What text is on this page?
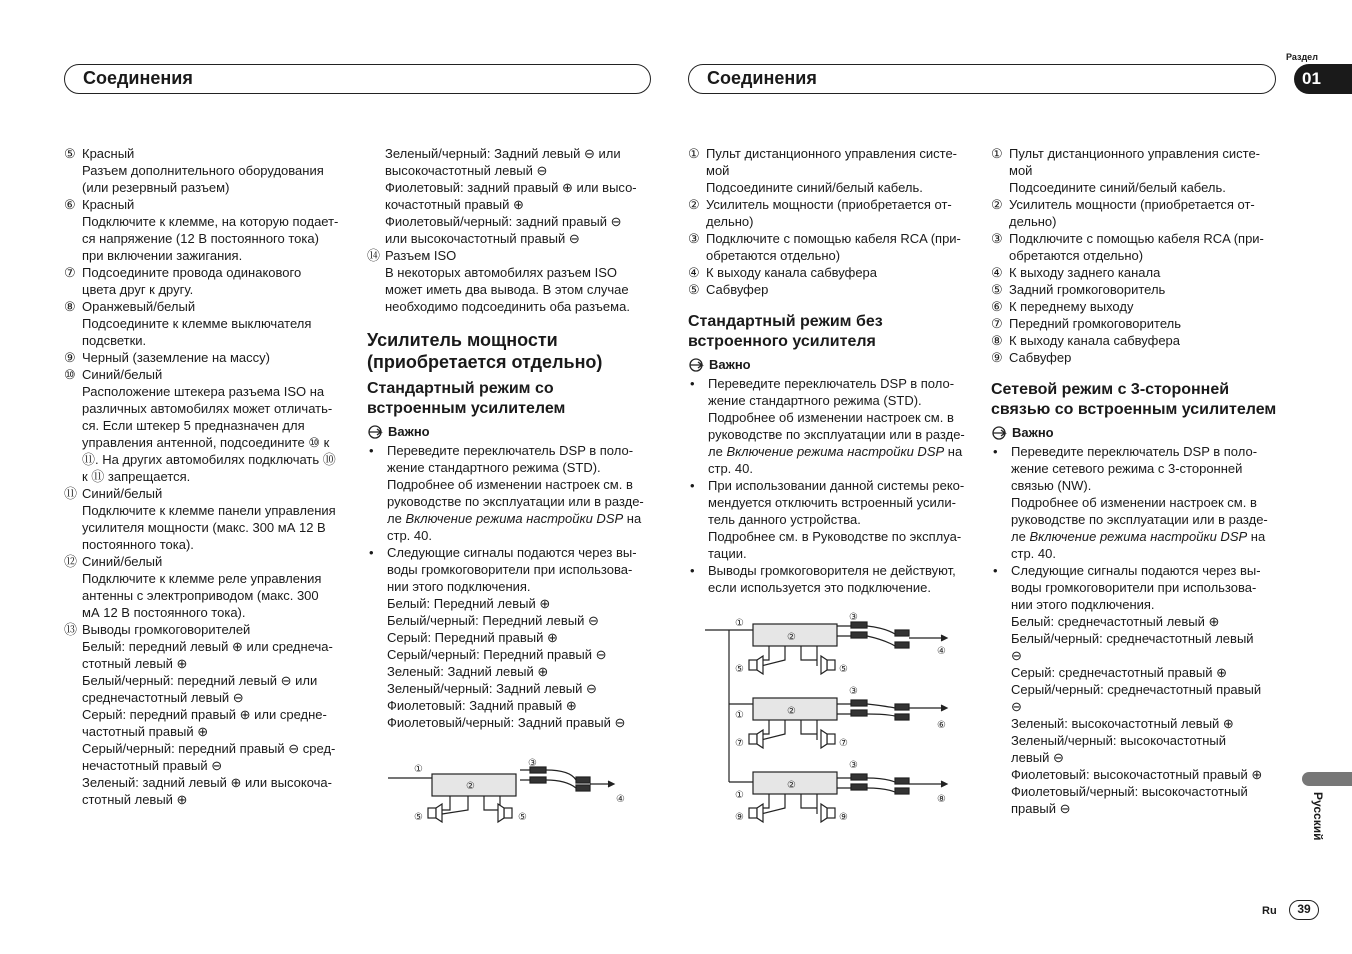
Соединения	Соединения
Раздел
01
⑤ Красный

Разъем дополнительного оборудования

(или резервный разъем)

⑥ Красный

Подключите к клемме, на которую подает-

ся напряжение (12 В постоянного тока)

при включении зажигания.

⑦ Подсоедините провода одинакового

цвета друг к другу.

⑧ Оранжевый/белый

Подсоедините к клемме выключателя

подсветки.

⑨ Черный (заземление на массу)

⑩ Синий/белый

Расположение штекера разъема ISO на

различных автомобилях может отличать-

ся. Если штекер 5 предназначен для

управления антенной, подсоедините ⑩ к

⑪. На других автомобилях подключать ⑩

к ⑪ запрещается.

⑪ Синий/белый

Подключите к клемме панели управления

усилителя мощности (макс. 300 мА 12 В

постоянного тока).

⑫ Синий/белый

Подключите к клемме реле управления

антенны с электроприводом (макс. 300

мА 12 В постоянного тока).

⑬ Выводы громкоговорителей

Белый: передний левый ⊕ или среднеча-

стотный левый ⊕

Белый/черный: передний левый ⊖ или

среднечастотный левый ⊖

Серый: передний правый ⊕ или средне-

частотный правый ⊕

Серый/черный: передний правый ⊖ сред-

нечастотный правый ⊖

Зеленый: задний левый ⊕ или высокоча-

стотный левый ⊕

Зеленый/черный: Задний левый ⊖ или

высокочастотный левый ⊖

Фиолетовый: задний правый ⊕ или высо-

кочастотный правый ⊕

Фиолетовый/черный: задний правый ⊖

или высокочастотный правый ⊖

⑭ Разъем ISO

В некоторых автомобилях разъем ISO

может иметь два вывода. В этом случае

необходимо подсоединить оба разъема.

Усилитель мощности
(приобретается отдельно)
Стандартный режим со
встроенным усилителем
Важно

• Переведите переключатель DSP в поло-

жение стандартного режима (STD).

Подробнее об изменении настроек см. в

руководстве по эксплуатации или в разде-

ле Включение режима настройки DSP на

стр. 40.

• Следующие сигналы подаются через вы-

воды громкоговорители при использова-

нии этого подключения.

Белый: Передний левый ⊕

Белый/черный: Передний левый ⊖

Серый: Передний правый ⊕

Серый/черный: Передний правый ⊖

Зеленый: Задний левый ⊕

Зеленый/черный: Задний левый ⊖

Фиолетовый: Задний правый ⊕

Фиолетовый/черный: Задний правый ⊖

① Пульт дистанционного управления систе-

мой

Подсоедините синий/белый кабель.

② Усилитель мощности (приобретается от-

дельно)

③ Подключите с помощью кабеля RCA (при-

обретаются отдельно)

④ К выходу канала сабвуфера

⑤ Сабвуфер

Стандартный режим без
встроенного усилителя
Важно

• Переведите переключатель DSP в поло-

жение стандартного режима (STD).

Подробнее об изменении настроек см. в

руководстве по эксплуатации или в разде-

ле Включение режима настройки DSP на

стр. 40.

• При использовании данной системы реко-

мендуется отключить встроенный усили-

тель данного устройства.

Подробнее см. в Руководстве по эксплуа-

тации.

• Выводы громкоговорителя не действуют,

если используется это подключение.

① Пульт дистанционного управления систе-

мой

Подсоедините синий/белый кабель.

② Усилитель мощности (приобретается от-

дельно)

③ Подключите с помощью кабеля RCA (при-

обретаются отдельно)

④ К выходу заднего канала

⑤ Задний громкоговоритель

⑥ К переднему выходу

⑦ Передний громкоговоритель

⑧ К выходу канала сабвуфера

⑨ Сабвуфер

Сетевой режим с 3-сторонней
связью со встроенным усилителем
Важно

• Переведите переключатель DSP в поло-

жение сетевого режима с 3-сторонней

связью (NW).

Подробнее об изменении настроек см. в

руководстве по эксплуатации или в разде-

ле Включение режима настройки DSP на

стр. 40.

• Следующие сигналы подаются через вы-

воды громкоговорители при использова-

нии этого подключения.

Белый: среднечастотный левый ⊕

Белый/черный: среднечастотный левый

⊖

Серый: среднечастотный правый ⊕

Серый/черный: среднечастотный правый

⊖

Зеленый: высокочастотный левый ⊕

Зеленый/черный: высокочастотный

левый ⊖

Фиолетовый: высокочастотный правый ⊕

Фиолетовый/черный: высокочастотный

правый ⊖

①
②
③
④
⑤	⑤
①
②
③
④
⑤	⑤
③
①	②
⑥
⑦	⑦
③
①
②
⑧
⑨	⑨	Русский
Ru	39
